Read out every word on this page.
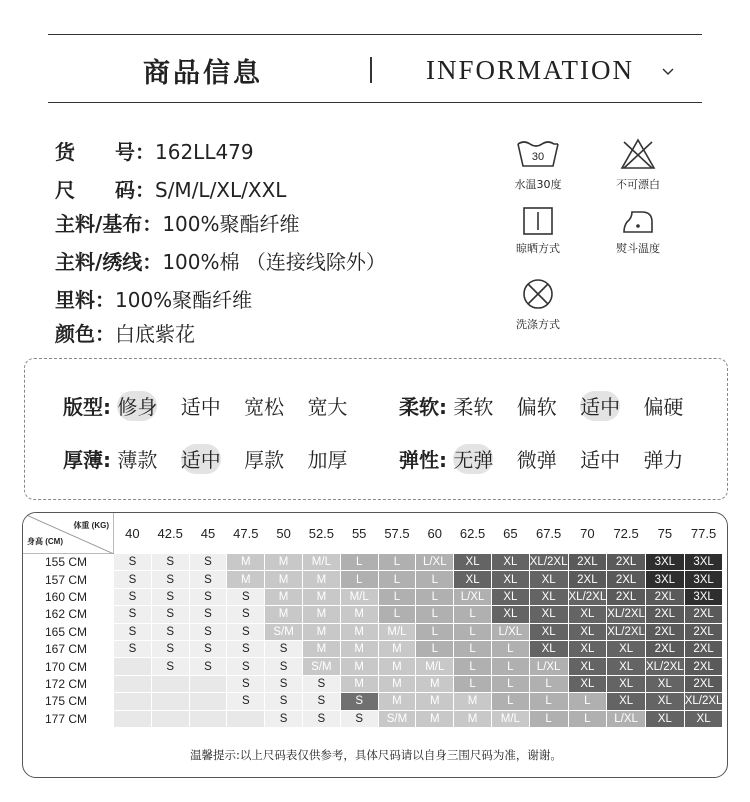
商品信息	INFORMATION
货　　号：162LL479
尺　　码：S/M/L/XL/XXL
主料/基布：100%聚酯纤维
主料/绣线：100%棉 （连接线除外）
里料：100%聚酯纤维
颜色：白底紫花
30
水温30度	不可漂白
晾晒方式	熨斗温度
洗涤方式
版型: 修身 适中 宽松 宽大	柔软: 柔软 偏软 适中 偏硬
厚薄: 薄款 适中 厚款 加厚	弹性: 无弹 微弹 适中 弹力
体重 (KG)
身高 (CM)	40	42.5	45	47.5	50	52.5	55	57.5	60	62.5	65	67.5	70	72.5	75	77.5
155 CM	S	S	S	M	M	M/L	L	L	L/XL	XL	XL	XL/2XL	2XL	2XL	3XL	3XL
157 CM	S	S	S	M	M	M	L	L	L	XL	XL	XL	2XL	2XL	3XL	3XL
160 CM	S	S	S	S	M	M	M/L	L	L	L/XL	XL	XL	XL/2XL	2XL	2XL	3XL
162 CM	S	S	S	S	M	M	M	L	L	L	XL	XL	XL	XL/2XL	2XL	2XL
165 CM	S	S	S	S	S/M	M	M	M/L	L	L	L/XL	XL	XL	XL/2XL	2XL	2XL
167 CM	S	S	S	S	S	M	M	M	L	L	L	XL	XL	XL	2XL	2XL
170 CM		S	S	S	S	S/M	M	M	M/L	L	L	L/XL	XL	XL	XL/2XL	2XL
172 CM				S	S	S	M	M	M	L	L	L	XL	XL	XL	2XL
175 CM				S	S	S	S	M	M	M	L	L	L	XL	XL	XL/2XL
177 CM					S	S	S	S/M	M	M	M/L	L	L	L/XL	XL	XL
温馨提示:以上尺码表仅供参考，具体尺码请以自身三围尺码为准，谢谢。
